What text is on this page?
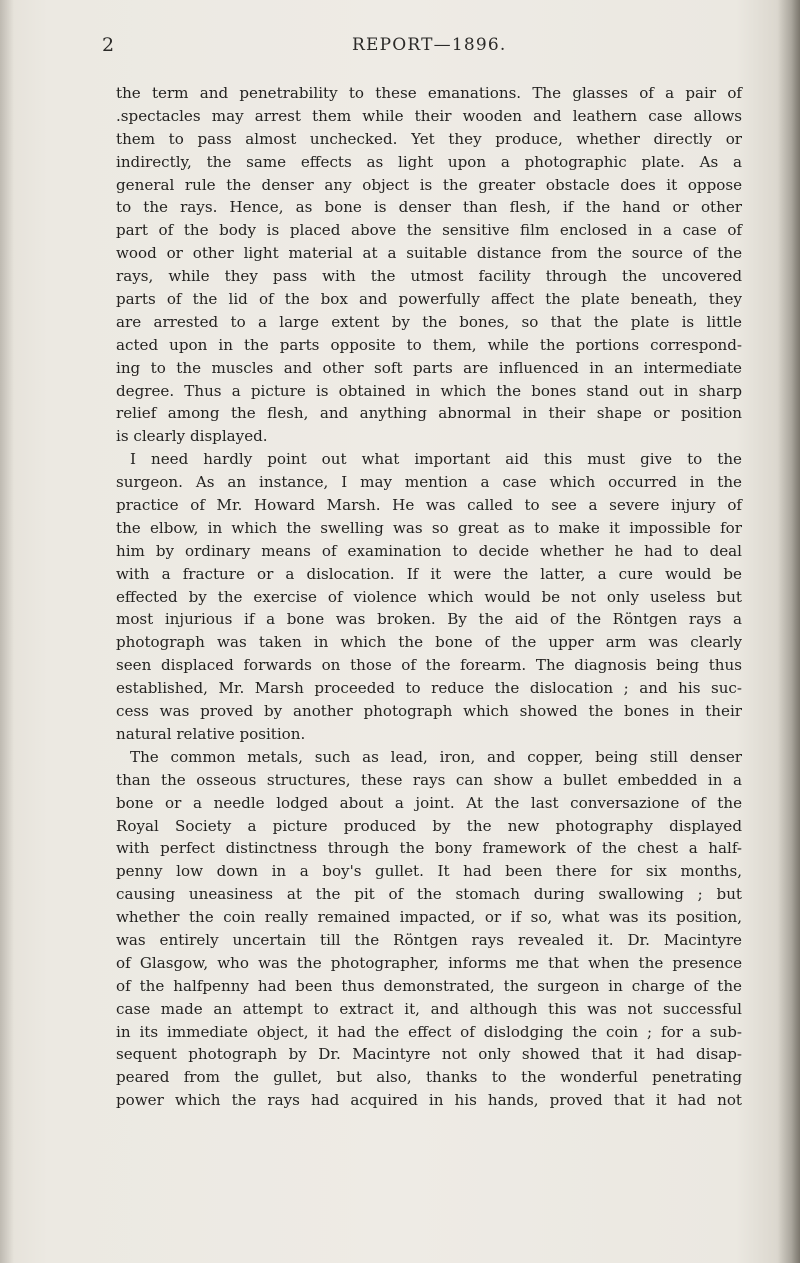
2	REPORT—1896.
the term and penetrability to these emanations. The glasses of a pair of
.spectacles may arrest them while their wooden and leathern case allows
them to pass almost unchecked. Yet they produce, whether directly or
indirectly, the same effects as light upon a photographic plate. As a
general rule the denser any object is the greater obstacle does it oppose
to the rays. Hence, as bone is denser than flesh, if the hand or other
part of the body is placed above the sensitive film enclosed in a case of
wood or other light material at a suitable distance from the source of the
rays, while they pass with the utmost facility through the uncovered
parts of the lid of the box and powerfully affect the plate beneath, they
are arrested to a large extent by the bones, so that the plate is little
acted upon in the parts opposite to them, while the portions correspond-
ing to the muscles and other soft parts are influenced in an intermediate
degree. Thus a picture is obtained in which the bones stand out in sharp
relief among the flesh, and anything abnormal in their shape or position
is clearly displayed.
I need hardly point out what important aid this must give to the
surgeon. As an instance, I may mention a case which occurred in the
practice of Mr. Howard Marsh. He was called to see a severe injury of
the elbow, in which the swelling was so great as to make it impossible for
him by ordinary means of examination to decide whether he had to deal
with a fracture or a dislocation. If it were the latter, a cure would be
effected by the exercise of violence which would be not only useless but
most injurious if a bone was broken. By the aid of the Röntgen rays a
photograph was taken in which the bone of the upper arm was clearly
seen displaced forwards on those of the forearm. The diagnosis being thus
established, Mr. Marsh proceeded to reduce the dislocation ; and his suc-
cess was proved by another photograph which showed the bones in their
natural relative position.
The common metals, such as lead, iron, and copper, being still denser
than the osseous structures, these rays can show a bullet embedded in a
bone or a needle lodged about a joint. At the last conversazione of the
Royal Society a picture produced by the new photography displayed
with perfect distinctness through the bony framework of the chest a half-
penny low down in a boy's gullet. It had been there for six months,
causing uneasiness at the pit of the stomach during swallowing ; but
whether the coin really remained impacted, or if so, what was its position,
was entirely uncertain till the Röntgen rays revealed it. Dr. Macintyre
of Glasgow, who was the photographer, informs me that when the presence
of the halfpenny had been thus demonstrated, the surgeon in charge of the
case made an attempt to extract it, and although this was not successful
in its immediate object, it had the effect of dislodging the coin ; for a sub-
sequent photograph by Dr. Macintyre not only showed that it had disap-
peared from the gullet, but also, thanks to the wonderful penetrating
power which the rays had acquired in his hands, proved that it had not
